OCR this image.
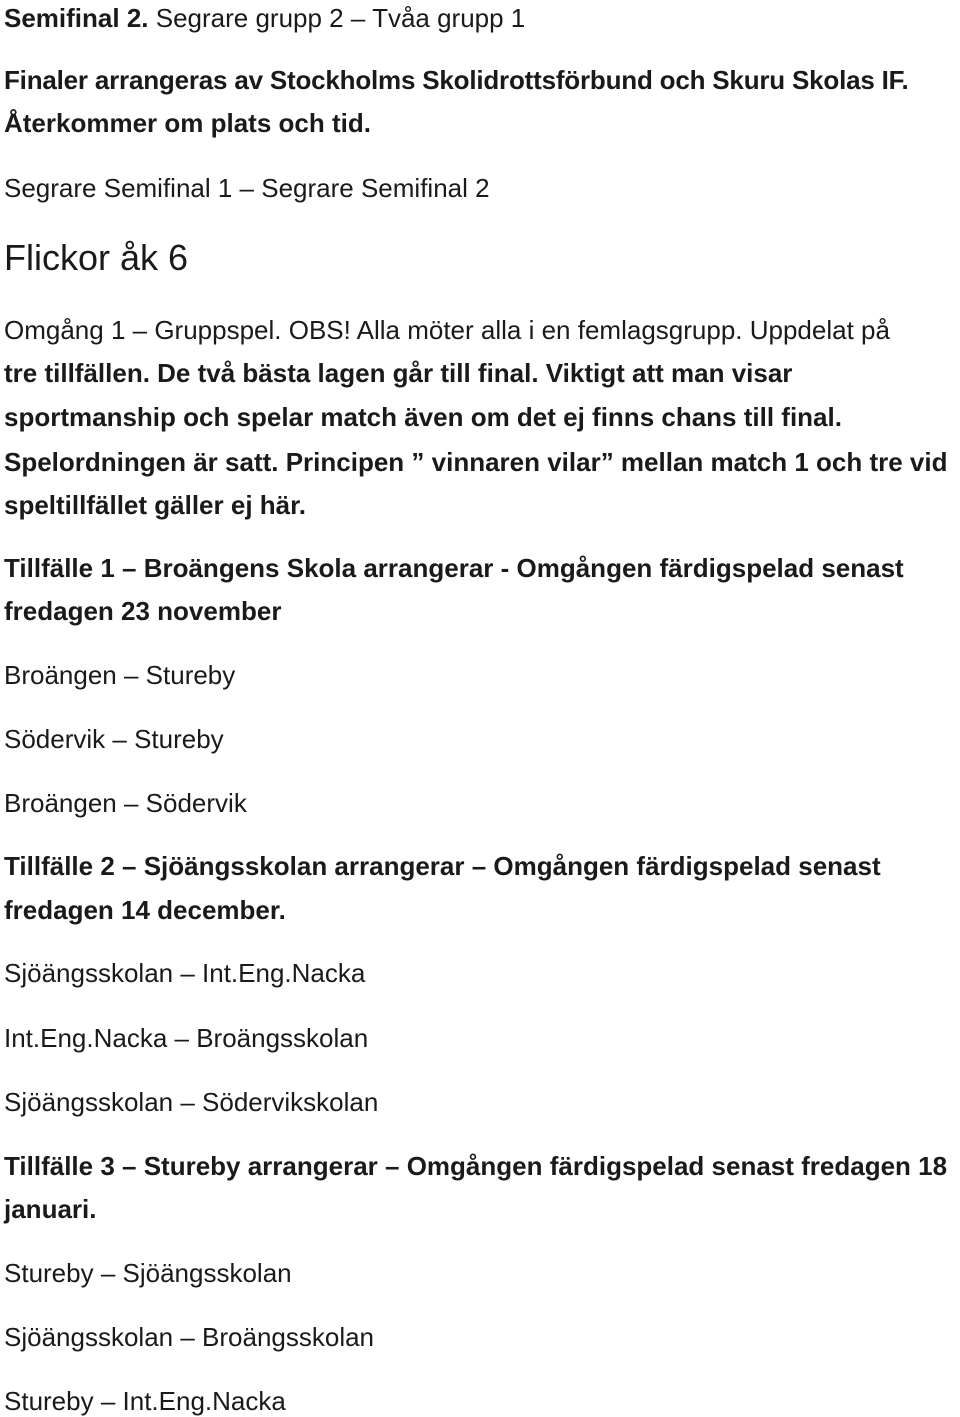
Semifinal 2. Segrare grupp 2 – Tvåa grupp 1
Finaler arrangeras av Stockholms Skolidrottsförbund och Skuru Skolas IF.
Återkommer om plats och tid.
Segrare Semifinal 1 – Segrare Semifinal 2
Flickor åk 6
Omgång 1 – Gruppspel. OBS! Alla möter alla i en femlagsgrupp. Uppdelat på
tre tillfällen. De två bästa lagen går till final. Viktigt att man visar
sportmanship och spelar match även om det ej finns chans till final.
Spelordningen är satt. Principen ” vinnaren vilar” mellan match 1 och tre vid
speltillfället gäller ej här.
Tillfälle 1 – Broängens Skola arrangerar - Omgången färdigspelad senast
fredagen 23 november
Broängen – Stureby
Södervik – Stureby
Broängen – Södervik
Tillfälle 2 – Sjöängsskolan arrangerar – Omgången färdigspelad senast
fredagen 14 december.
Sjöängsskolan – Int.Eng.Nacka
Int.Eng.Nacka – Broängsskolan
Sjöängsskolan – Södervikskolan
Tillfälle 3 – Stureby arrangerar – Omgången färdigspelad senast fredagen 18
januari.
Stureby – Sjöängsskolan
Sjöängsskolan – Broängsskolan
Stureby – Int.Eng.Nacka
